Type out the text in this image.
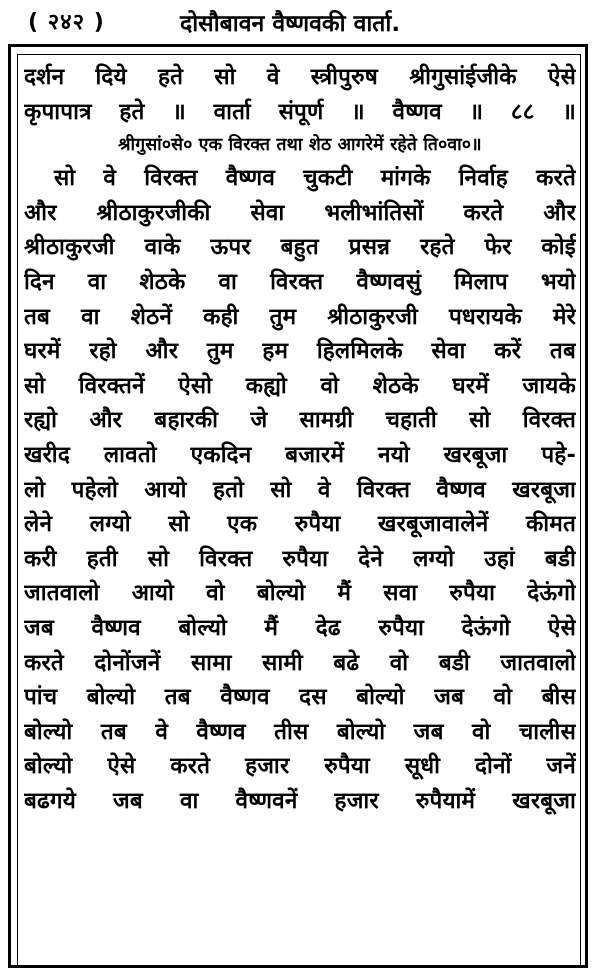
( २४२ )	दोसौबावन वैष्णवकी वार्ता.
दर्शन दिये हते सो वे स्त्रीपुरुष श्रीगुसांईजीके ऐसे
कृपापात्र हते ॥ वार्ता संपूर्ण ॥ वैष्णव ॥ ८८ ॥
श्रीगुसां०से० एक विरक्त तथा शेठ आगरेमें रहेते ति०वा०॥
सो वे विरक्त वैष्णव चुकटी मांगके निर्वाह करते
और श्रीठाकुरजीकी सेवा भलीभांतिसों करते और
श्रीठाकुरजी वाके ऊपर बहुत प्रसन्न रहते फेर कोई
दिन वा शेठके वा विरक्त वैष्णवसुं मिलाप भयो
तब वा शेठनें कही तुम श्रीठाकुरजी पधरायके मेरे
घरमें रहो और तुम हम हिलमिलके सेवा करें तब
सो विरक्तनें ऐसो कह्यो वो शेठके घरमें जायके
रह्यो और बहारकी जे सामग्री चहाती सो विरक्त
खरीद लावतो एकदिन बजारमें नयो खरबूजा पहे-
लो पहेलो आयो हतो सो वे विरक्त वैष्णव खरबूजा
लेने लग्यो सो एक रुपैया खरबूजावालेनें कीमत
करी हती सो विरक्त रुपैया देने लग्यो उहां बडी
जातवालो आयो वो बोल्यो मैं सवा रुपैया देऊंगो
जब वैष्णव बोल्यो मैं देढ रुपैया देऊंगो ऐसे
करते दोनोंजनें सामा सामी बढे वो बडी जातवालो
पांच बोल्यो तब वैष्णव दस बोल्यो जब वो बीस
बोल्यो तब वे वैष्णव तीस बोल्यो जब वो चालीस
बोल्यो ऐसे करते हजार रुपैया सूधी दोनों जनें
बढगये जब वा वैष्णवनें हजार रुपैयामें खरबूजा
